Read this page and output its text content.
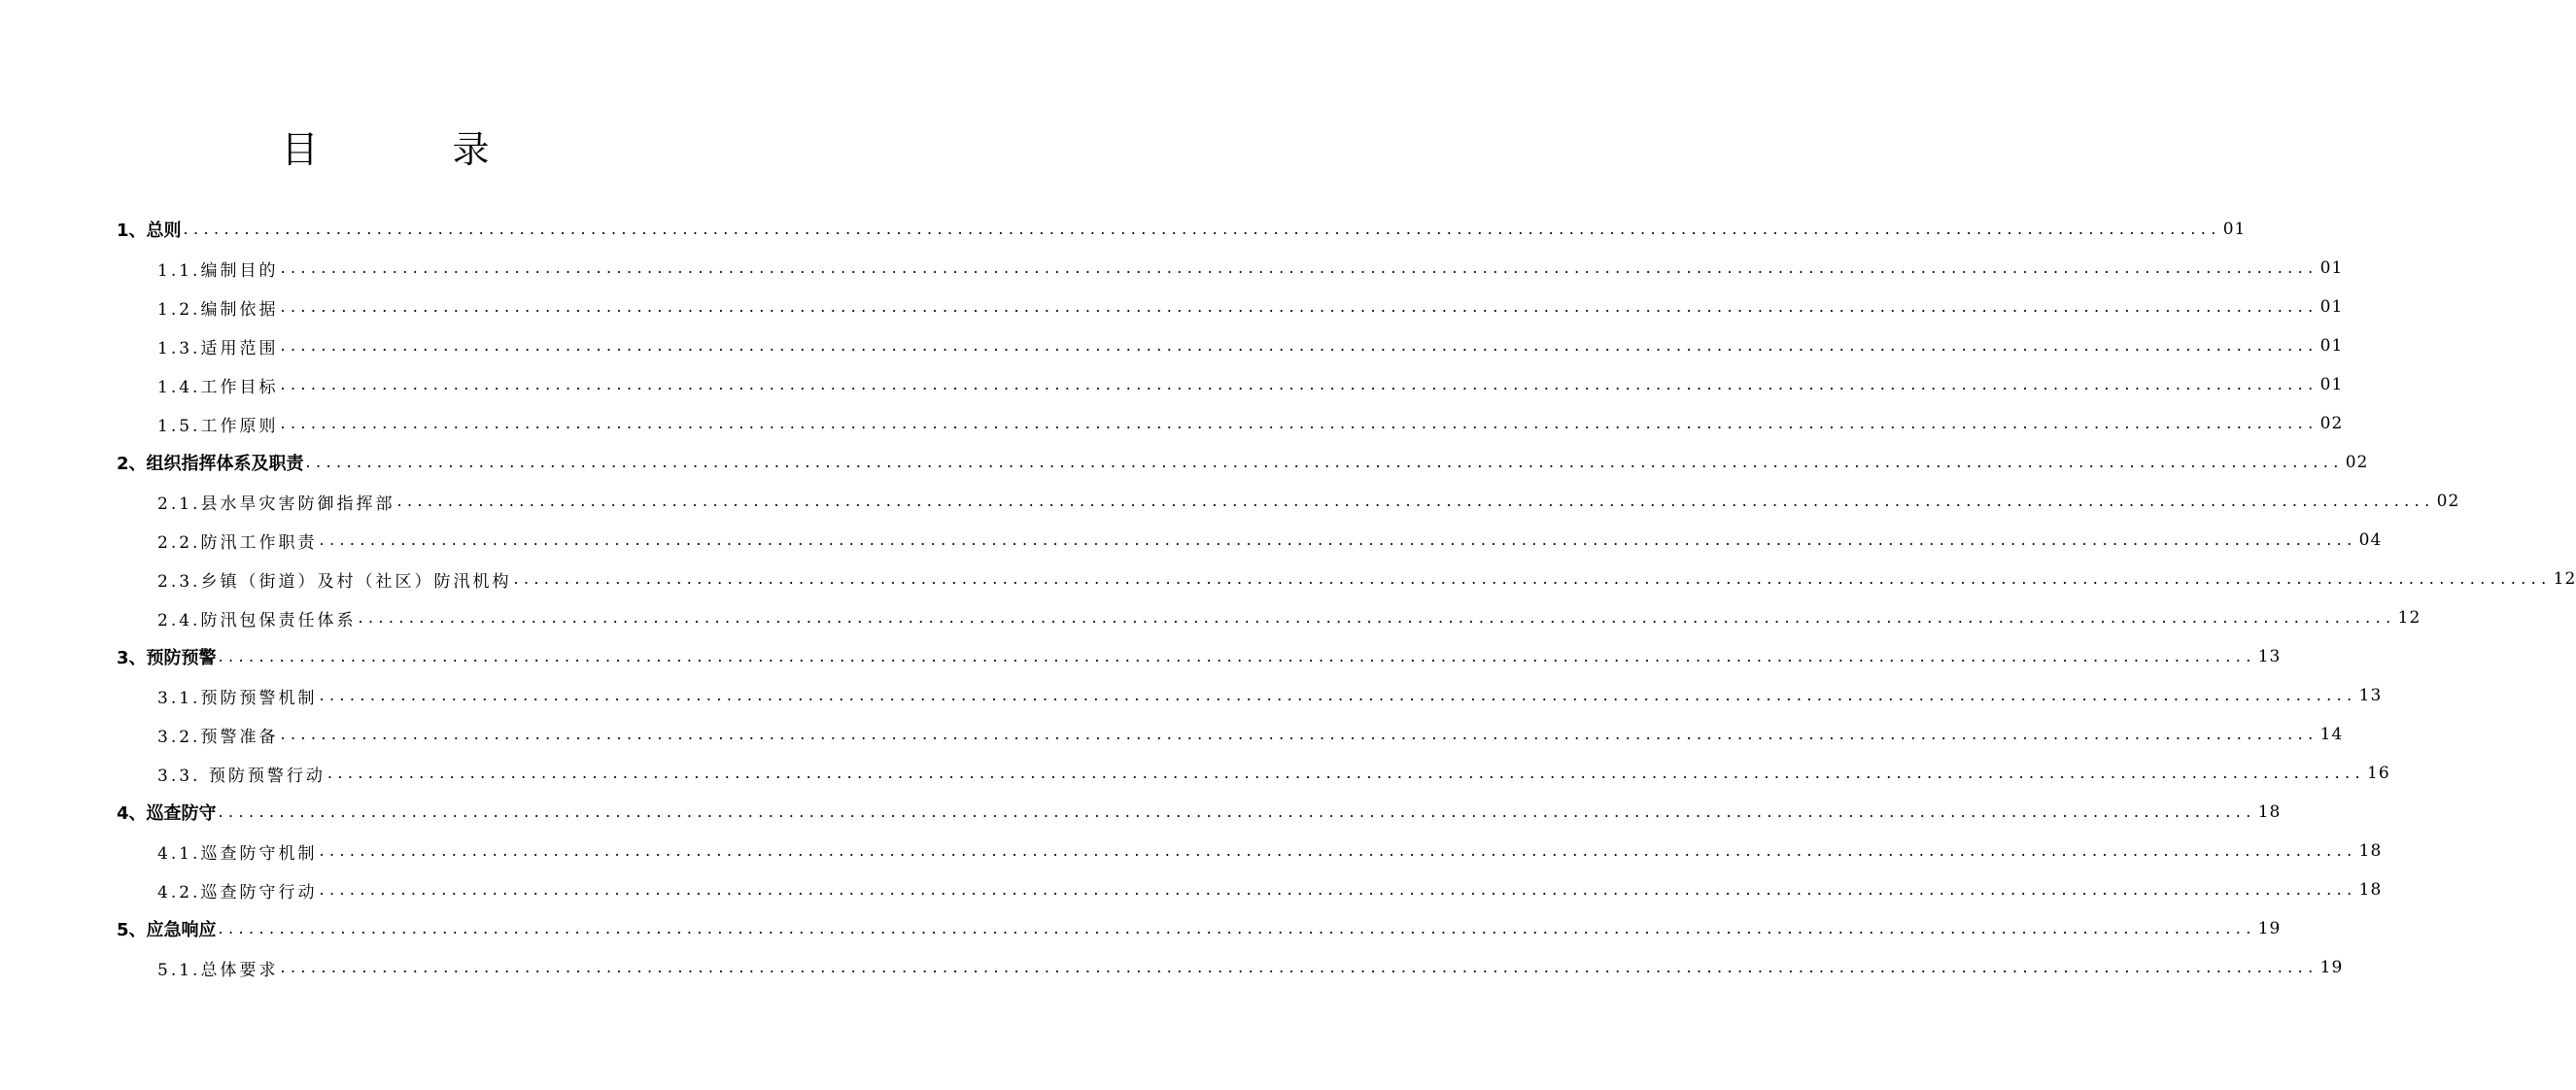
目　录
1、总则 ........................................................................................................................................................................................................ 01
1.1.编制目的 ........................................................................................................................................................................................................ 01
1.2.编制依据 ........................................................................................................................................................................................................ 01
1.3.适用范围 ........................................................................................................................................................................................................ 01
1.4.工作目标 ........................................................................................................................................................................................................ 01
1.5.工作原则 ........................................................................................................................................................................................................ 02
2、组织指挥体系及职责 ........................................................................................................................................................................................................ 02
2.1.县水旱灾害防御指挥部 ........................................................................................................................................................................................................ 02
2.2.防汛工作职责 ........................................................................................................................................................................................................ 04
2.3.乡镇（街道）及村（社区）防汛机构 ........................................................................................................................................................................................................ 12
2.4.防汛包保责任体系 ........................................................................................................................................................................................................ 12
3、预防预警 ........................................................................................................................................................................................................ 13
3.1.预防预警机制 ........................................................................................................................................................................................................ 13
3.2.预警准备 ........................................................................................................................................................................................................ 14
3.3. 预防预警行动 ........................................................................................................................................................................................................ 16
4、巡查防守 ........................................................................................................................................................................................................ 18
4.1.巡查防守机制 ........................................................................................................................................................................................................ 18
4.2.巡查防守行动 ........................................................................................................................................................................................................ 18
5、应急响应 ........................................................................................................................................................................................................ 19
5.1.总体要求 ........................................................................................................................................................................................................ 19
